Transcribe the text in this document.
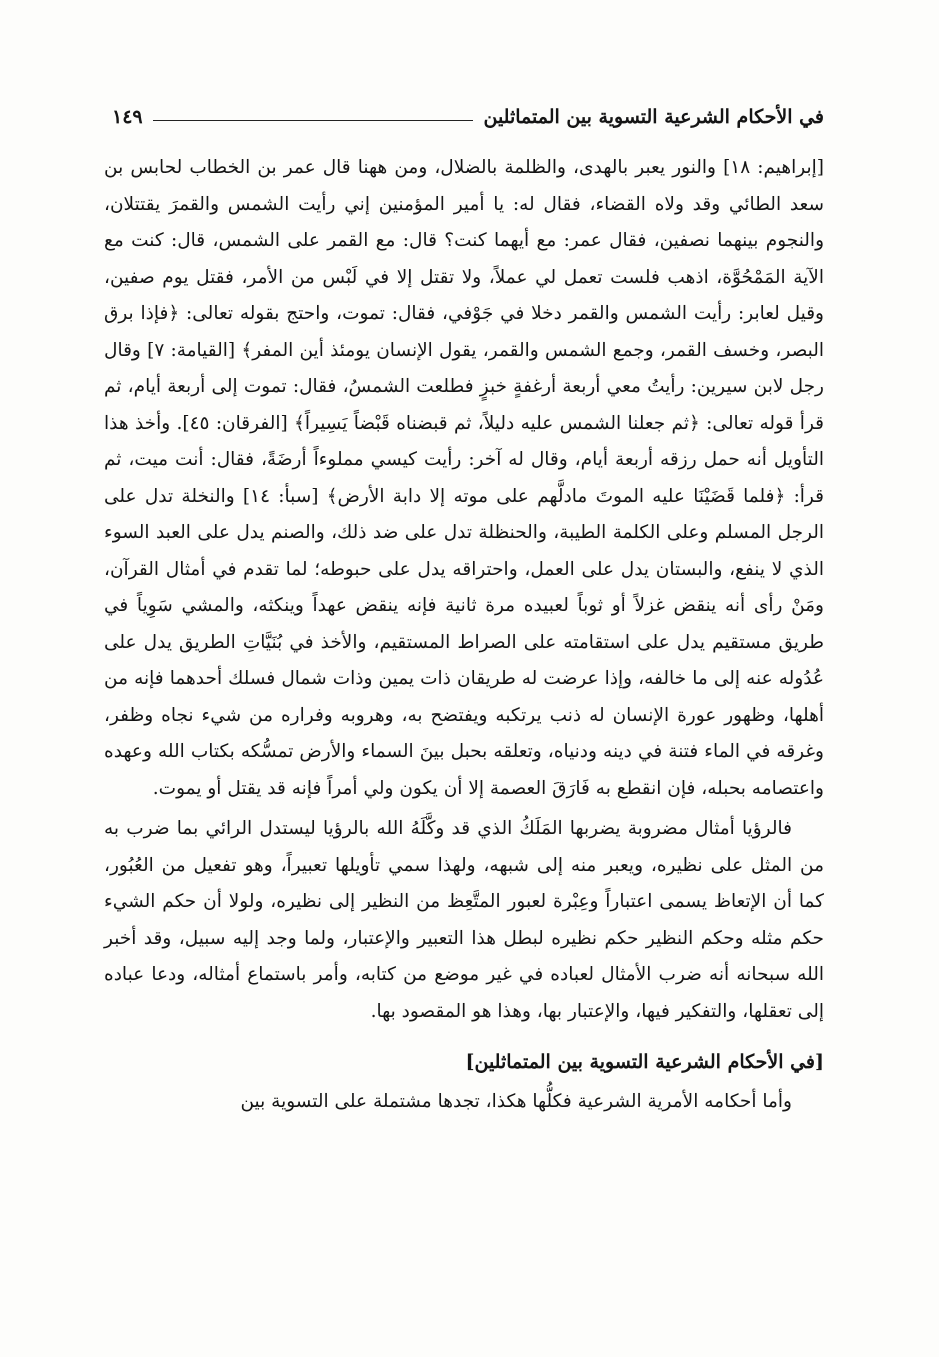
في الأحكام الشرعية التسوية بين المتماثلين
١٤٩

[إبراهيم: ١٨] والنور يعبر بالهدى، والظلمة بالضلال، ومن ههنا قال عمر بن الخطاب لحابس بن سعد الطائي وقد ولاه القضاء، فقال له: يا أمير المؤمنين إني رأيت الشمس والقمرَ يقتتلان، والنجوم بينهما نصفين، فقال عمر: مع أيهما كنت؟ قال: مع القمر على الشمس، قال: كنت مع الآية المَمْحُوَّة، اذهب فلست تعمل لي عملاً، ولا تقتل إلا في لَبْس من الأمر، فقتل يوم صفين، وقيل لعابر: رأيت الشمس والقمر دخلا في جَوْفي، فقال: تموت، واحتج بقوله تعالى: ﴿فإذا برق البصر، وخسف القمر، وجمع الشمس والقمر، يقول الإنسان يومئذ أين المفر﴾ [القيامة: ٧] وقال رجل لابن سيرين: رأيتُ معي أربعة أرغفةٍ خبزٍ فطلعت الشمسُ، فقال: تموت إلى أربعة أيام، ثم قرأ قوله تعالى: ﴿ثم جعلنا الشمس عليه دليلاً، ثم قبضناه قَبْضاً يَسِيراً﴾ [الفرقان: ٤٥]. وأخذ هذا التأويل أنه حمل رزقه أربعة أيام، وقال له آخر: رأيت كيسي مملوءاً أرضَةً، فقال: أنت ميت، ثم قرأ: ﴿فلما قَضَيْنَا عليه الموتَ مادلَّهم على موته إلا دابة الأرض﴾ [سبأ: ١٤] والنخلة تدل على الرجل المسلم وعلى الكلمة الطيبة، والحنظلة تدل على ضد ذلك، والصنم يدل على العبد السوء الذي لا ينفع، والبستان يدل على العمل، واحتراقه يدل على حبوطه؛ لما تقدم في أمثال القرآن، ومَنْ رأى أنه ينقض غزلاً أو ثوباً لعبيده مرة ثانية فإنه ينقض عهداً وينكثه، والمشي سَوِياً في طريق مستقيم يدل على استقامته على الصراط المستقيم، والأخذ في بُنَيَّاتِ الطريق يدل على عُدُوله عنه إلى ما خالفه، وإذا عرضت له طريقان ذات يمين وذات شمال فسلك أحدهما فإنه من أهلها، وظهور عورة الإنسان له ذنب يرتكبه ويفتضح به، وهروبه وفراره من شيء نجاه وظفر، وغرقه في الماء فتنة في دينه ودنياه، وتعلقه بحبل بينَ السماء والأرض تمسُّكه بكتاب الله وعهده واعتصامه بحبله، فإن انقطع به فَارَقَ العصمة إلا أن يكون ولي أمراً فإنه قد يقتل أو يموت.

فالرؤيا أمثال مضروبة يضربها المَلَكُ الذي قد وكَّلَهُ الله بالرؤيا ليستدل الرائي بما ضرب به من المثل على نظيره، ويعبر منه إلى شبهه، ولهذا سمي تأويلها تعبيراً، وهو تفعيل من العُبُور، كما أن الإتعاظ يسمى اعتباراً وعِبْرة لعبور المتَّعِظ من النظير إلى نظيره، ولولا أن حكم الشيء حكم مثله وحكم النظير حكم نظيره لبطل هذا التعبير والإعتبار، ولما وجد إليه سبيل، وقد أخبر الله سبحانه أنه ضرب الأمثال لعباده في غير موضع من كتابه، وأمر باستماع أمثاله، ودعا عباده إلى تعقلها، والتفكير فيها، والإعتبار بها، وهذا هو المقصود بها.

[في الأحكام الشرعية التسوية بين المتماثلين]

وأما أحكامه الأمرية الشرعية فكلُّها هكذا، تجدها مشتملة على التسوية بين
